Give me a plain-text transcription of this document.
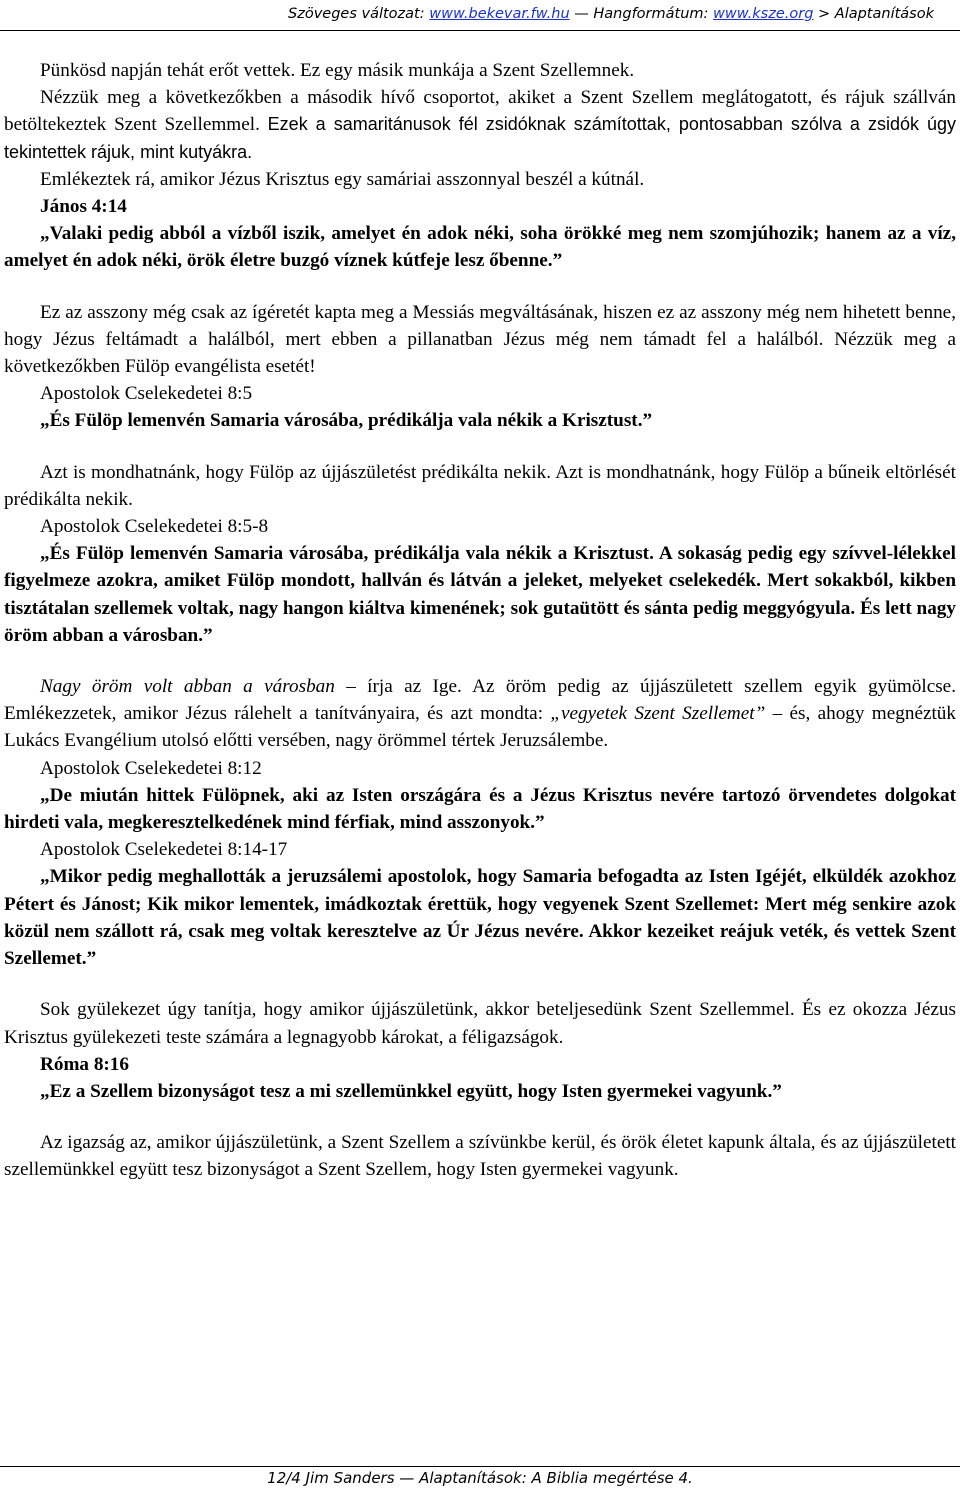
Szöveges változat: www.bekevar.fw.hu — Hangformátum: www.ksze.org > Alaptanítások

Pünkösd napján tehát erőt vettek. Ez egy másik munkája a Szent Szellemnek.

Nézzük meg a következőkben a második hívő csoportot, akiket a Szent Szellem meglátogatott, és rájuk szállván betöltekeztek Szent Szellemmel. Ezek a samaritánusok fél zsidóknak számítottak, pontosabban szólva a zsidók úgy tekintettek rájuk, mint kutyákra.

Emlékeztek rá, amikor Jézus Krisztus egy samáriai asszonnyal beszél a kútnál.

János 4:14

„Valaki pedig abból a vízből iszik, amelyet én adok néki, soha örökké meg nem szomjúhozik; hanem az a víz, amelyet én adok néki, örök életre buzgó víznek kútfeje lesz őbenne.”

Ez az asszony még csak az ígéretét kapta meg a Messiás megváltásának, hiszen ez az asszony még nem hihetett benne, hogy Jézus feltámadt a halálból, mert ebben a pillanatban Jézus még nem támadt fel a halálból. Nézzük meg a következőkben Fülöp evangélista esetét!

Apostolok Cselekedetei 8:5

„És Fülöp lemenvén Samaria városába, prédikálja vala nékik a Krisztust.”

Azt is mondhatnánk, hogy Fülöp az újjászületést prédikálta nekik. Azt is mondhatnánk, hogy Fülöp a bűneik eltörlését prédikálta nekik.

Apostolok Cselekedetei 8:5-8

„És Fülöp lemenvén Samaria városába, prédikálja vala nékik a Krisztust. A sokaság pedig egy szívvel-lélekkel figyelmeze azokra, amiket Fülöp mondott, hallván és látván a jeleket, melyeket cselekedék. Mert sokakból, kikben tisztátalan szellemek voltak, nagy hangon kiáltva kimenének; sok gutaütött és sánta pedig meggyógyula. És lett nagy öröm abban a városban.”

Nagy öröm volt abban a városban – írja az Ige. Az öröm pedig az újjászületett szellem egyik gyümölcse. Emlékezzetek, amikor Jézus rálehelt a tanítványaira, és azt mondta: „vegyetek Szent Szellemet” – és, ahogy megnéztük Lukács Evangélium utolsó előtti versében, nagy örömmel tértek Jeruzsálembe.

Apostolok Cselekedetei 8:12

„De miután hittek Fülöpnek, aki az Isten országára és a Jézus Krisztus nevére tartozó örvendetes dolgokat hirdeti vala, megkeresztelkedének mind férfiak, mind asszonyok.”

Apostolok Cselekedetei 8:14-17

„Mikor pedig meghallották a jeruzsálemi apostolok, hogy Samaria befogadta az Isten Igéjét, elküldék azokhoz Pétert és Jánost; Kik mikor lementek, imádkoztak érettük, hogy vegyenek Szent Szellemet: Mert még senkire azok közül nem szállott rá, csak meg voltak keresztelve az Úr Jézus nevére. Akkor kezeiket reájuk veték, és vettek Szent Szellemet.”

Sok gyülekezet úgy tanítja, hogy amikor újjászületünk, akkor beteljesedünk Szent Szellemmel. És ez okozza Jézus Krisztus gyülekezeti teste számára a legnagyobb károkat, a féligazságok.

Róma 8:16

„Ez a Szellem bizonyságot tesz a mi szellemünkkel együtt, hogy Isten gyermekei vagyunk.”

Az igazság az, amikor újjászületünk, a Szent Szellem a szívünkbe kerül, és örök életet kapunk általa, és az újjászületett szellemünkkel együtt tesz bizonyságot a Szent Szellem, hogy Isten gyermekei vagyunk.

12/4 Jim Sanders — Alaptanítások: A Biblia megértése 4.
